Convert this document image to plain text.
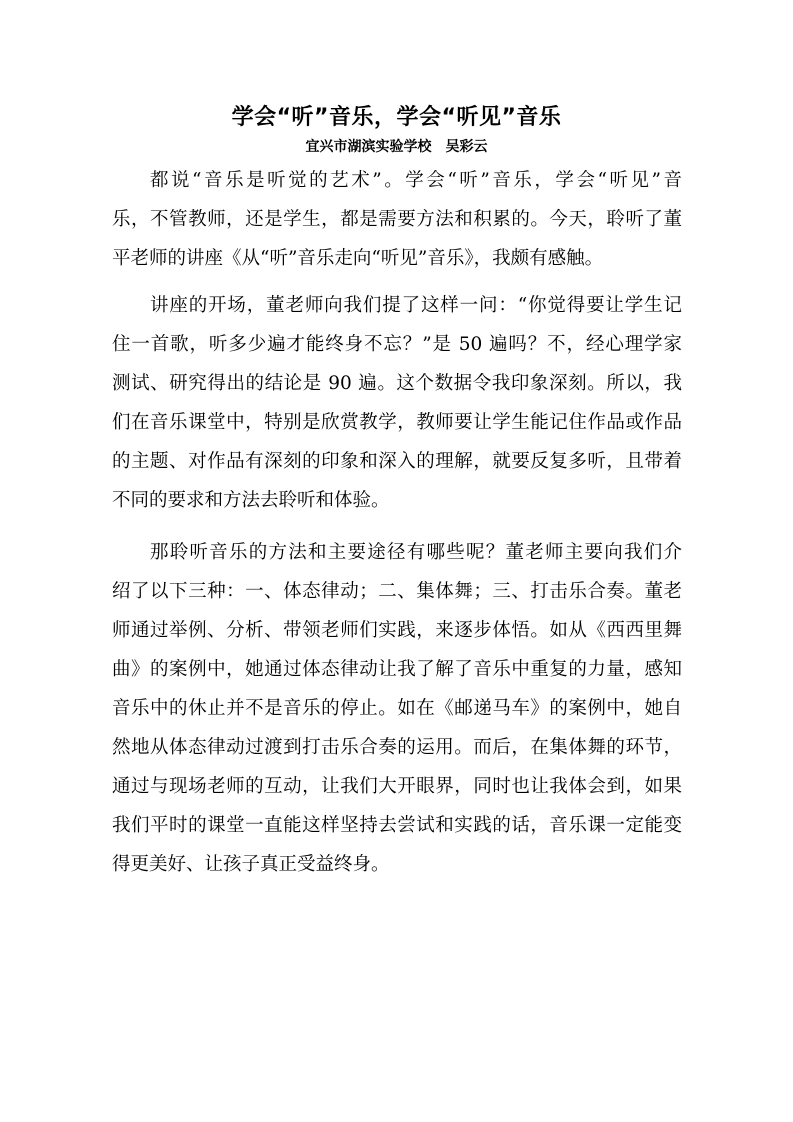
学会“听”音乐，学会“听见”音乐
宜兴市湖滨实验学校 吴彩云
都说“音乐是听觉的艺术”。学会“听”音乐，学会“听见”音
乐，不管教师，还是学生，都是需要方法和积累的。今天，聆听了董
平老师的讲座《从“听”音乐走向“听见”音乐》，我颇有感触。
讲座的开场，董老师向我们提了这样一问：“你觉得要让学生记
住一首歌，听多少遍才能终身不忘？”是 50 遍吗？不，经心理学家
测试、研究得出的结论是 90 遍。这个数据令我印象深刻。所以，我
们在音乐课堂中，特别是欣赏教学，教师要让学生能记住作品或作品
的主题、对作品有深刻的印象和深入的理解，就要反复多听，且带着
不同的要求和方法去聆听和体验。
那聆听音乐的方法和主要途径有哪些呢？董老师主要向我们介
绍了以下三种：一、体态律动；二、集体舞；三、打击乐合奏。董老
师通过举例、分析、带领老师们实践，来逐步体悟。如从《西西里舞
曲》的案例中，她通过体态律动让我了解了音乐中重复的力量，感知
音乐中的休止并不是音乐的停止。如在《邮递马车》的案例中，她自
然地从体态律动过渡到打击乐合奏的运用。而后，在集体舞的环节，
通过与现场老师的互动，让我们大开眼界，同时也让我体会到，如果
我们平时的课堂一直能这样坚持去尝试和实践的话，音乐课一定能变
得更美好、让孩子真正受益终身。
